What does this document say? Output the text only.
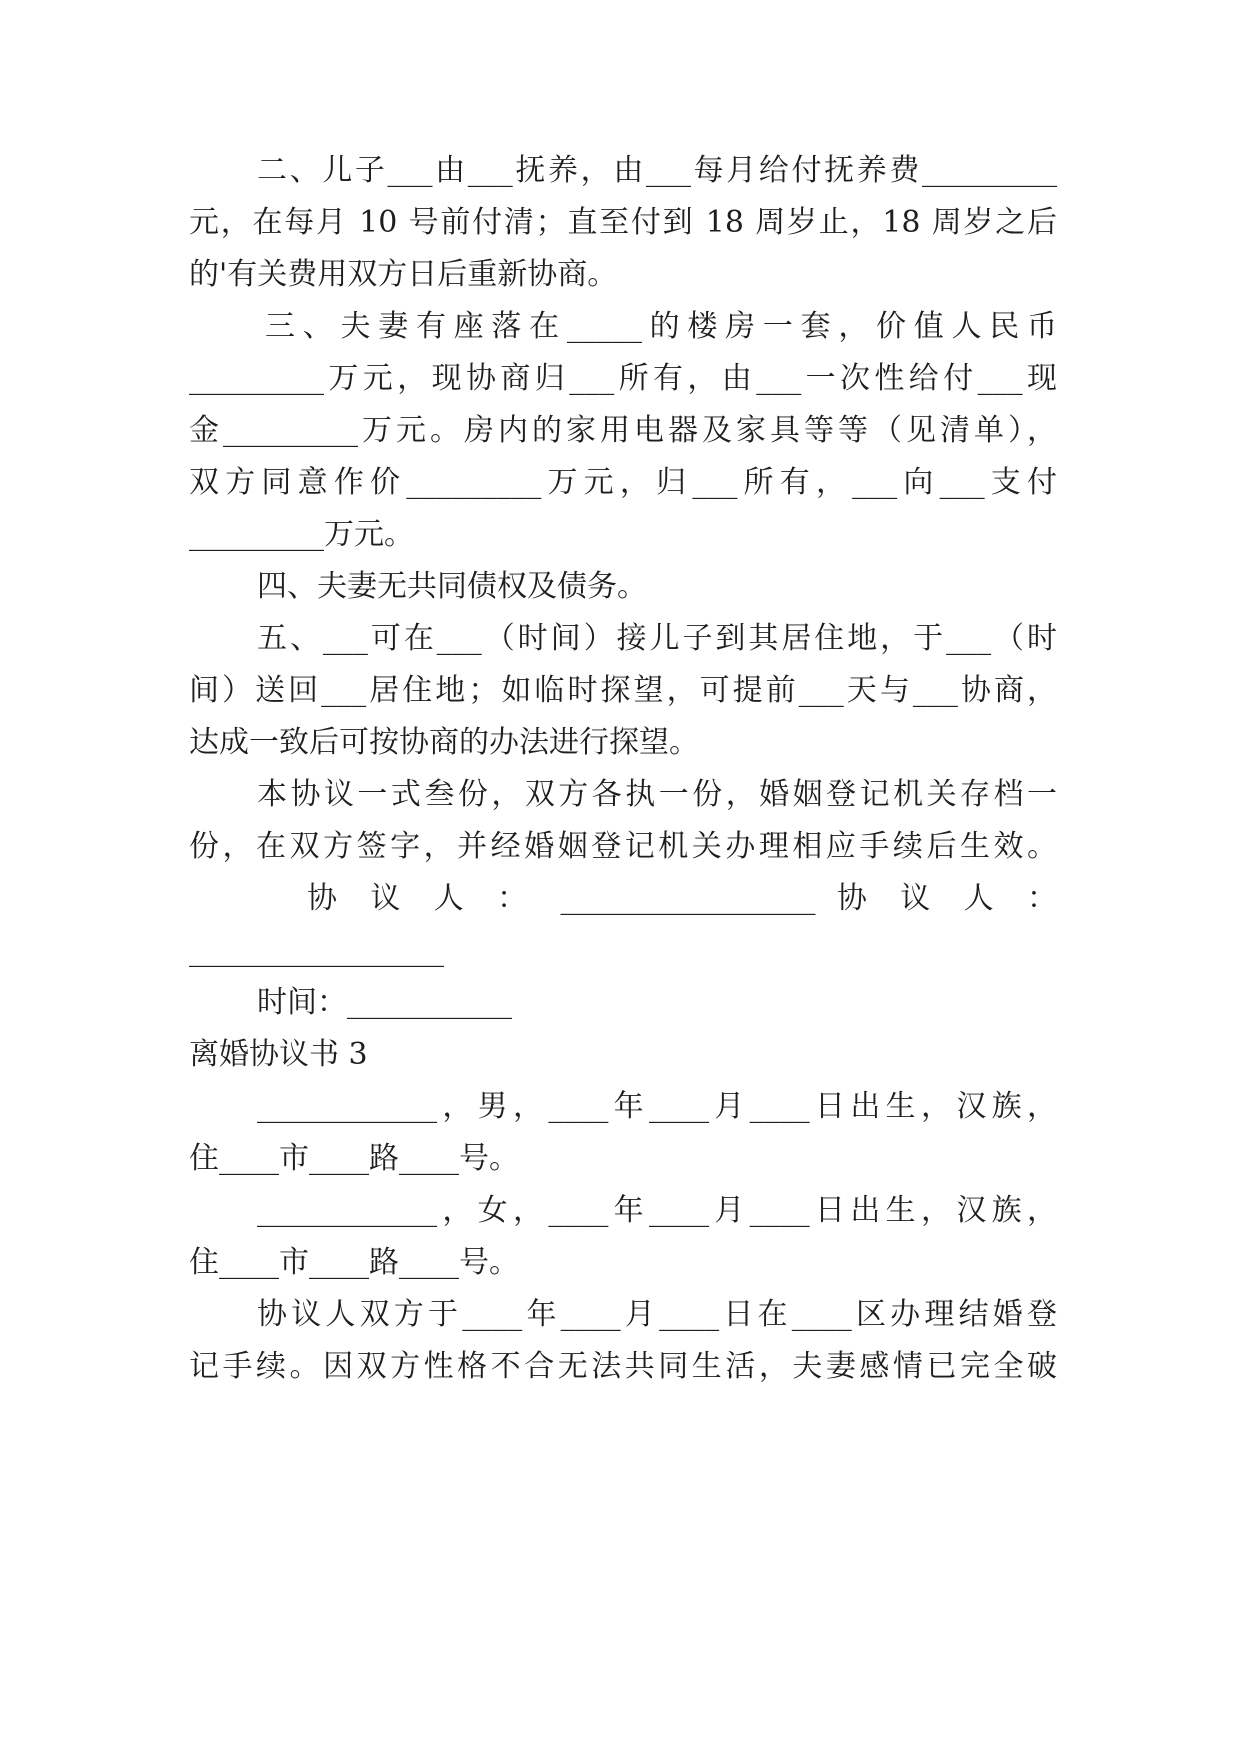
二、儿子___由___抚养，由___每月给付抚养费_________
元，在每月 10 号前付清；直至付到 18 周岁止，18 周岁之后
的'有关费用双方日后重新协商。
三、夫妻有座落在_____的楼房一套，价值人民币
_________万元，现协商归___所有，由___一次性给付___现
金_________万元。房内的家用电器及家具等等（见清单），
双方同意作价_________万元，归___所有，___向___支付
_________万元。
四、夫妻无共同债权及债务。
五、___可在___（时间）接儿子到其居住地，于___（时
间）送回___居住地；如临时探望，可提前___天与___协商，
达成一致后可按协商的办法进行探望。
本协议一式叁份，双方各执一份，婚姻登记机关存档一
份，在双方签字，并经婚姻登记机关办理相应手续后生效。
协 议 人 ： _________________ 协 议 人 ：
_________________
时间：___________
离婚协议书 3
____________，男，____年____月____日出生，汉族，
住____市____路____号。
____________，女，____年____月____日出生，汉族，
住____市____路____号。
协议人双方于____年____月____日在____区办理结婚登
记手续。因双方性格不合无法共同生活，夫妻感情已完全破
